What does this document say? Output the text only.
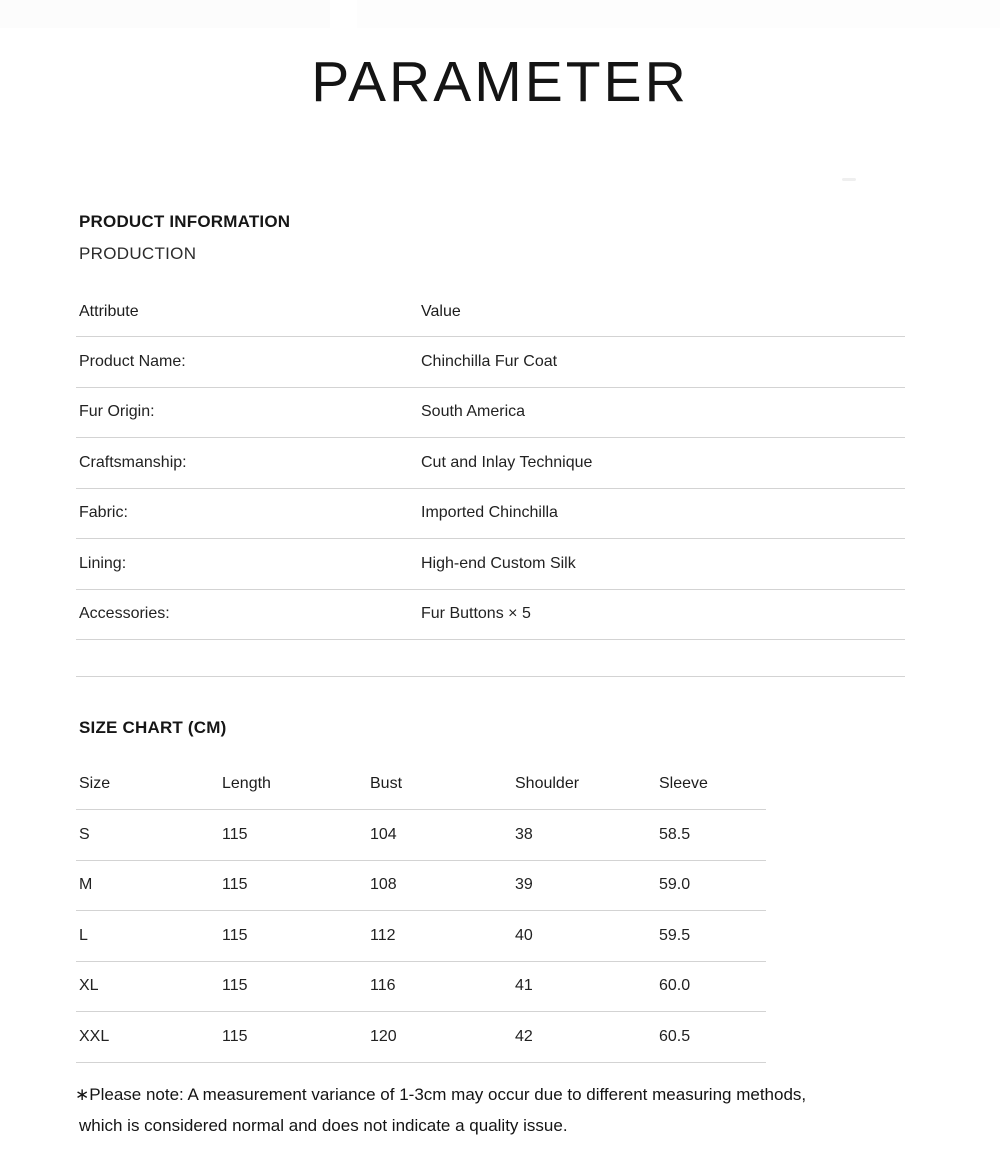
PARAMETER
PRODUCT INFORMATION
PRODUCTION
Attribute	Value
Product Name:	Chinchilla Fur Coat
Fur Origin:	South America
Craftsmanship:	Cut and Inlay Technique
Fabric:	Imported Chinchilla
Lining:	High-end Custom Silk
Accessories:	Fur Buttons × 5
SIZE CHART (CM)
Size	Length	Bust	Shoulder	Sleeve
S	115	104	38	58.5
M	115	108	39	59.0
L	115	112	40	59.5
XL	115	116	41	60.0
XXL	115	120	42	60.5
∗Please note: A measurement variance of 1-3cm may occur due to different measuring methods,
which is considered normal and does not indicate a quality issue.
